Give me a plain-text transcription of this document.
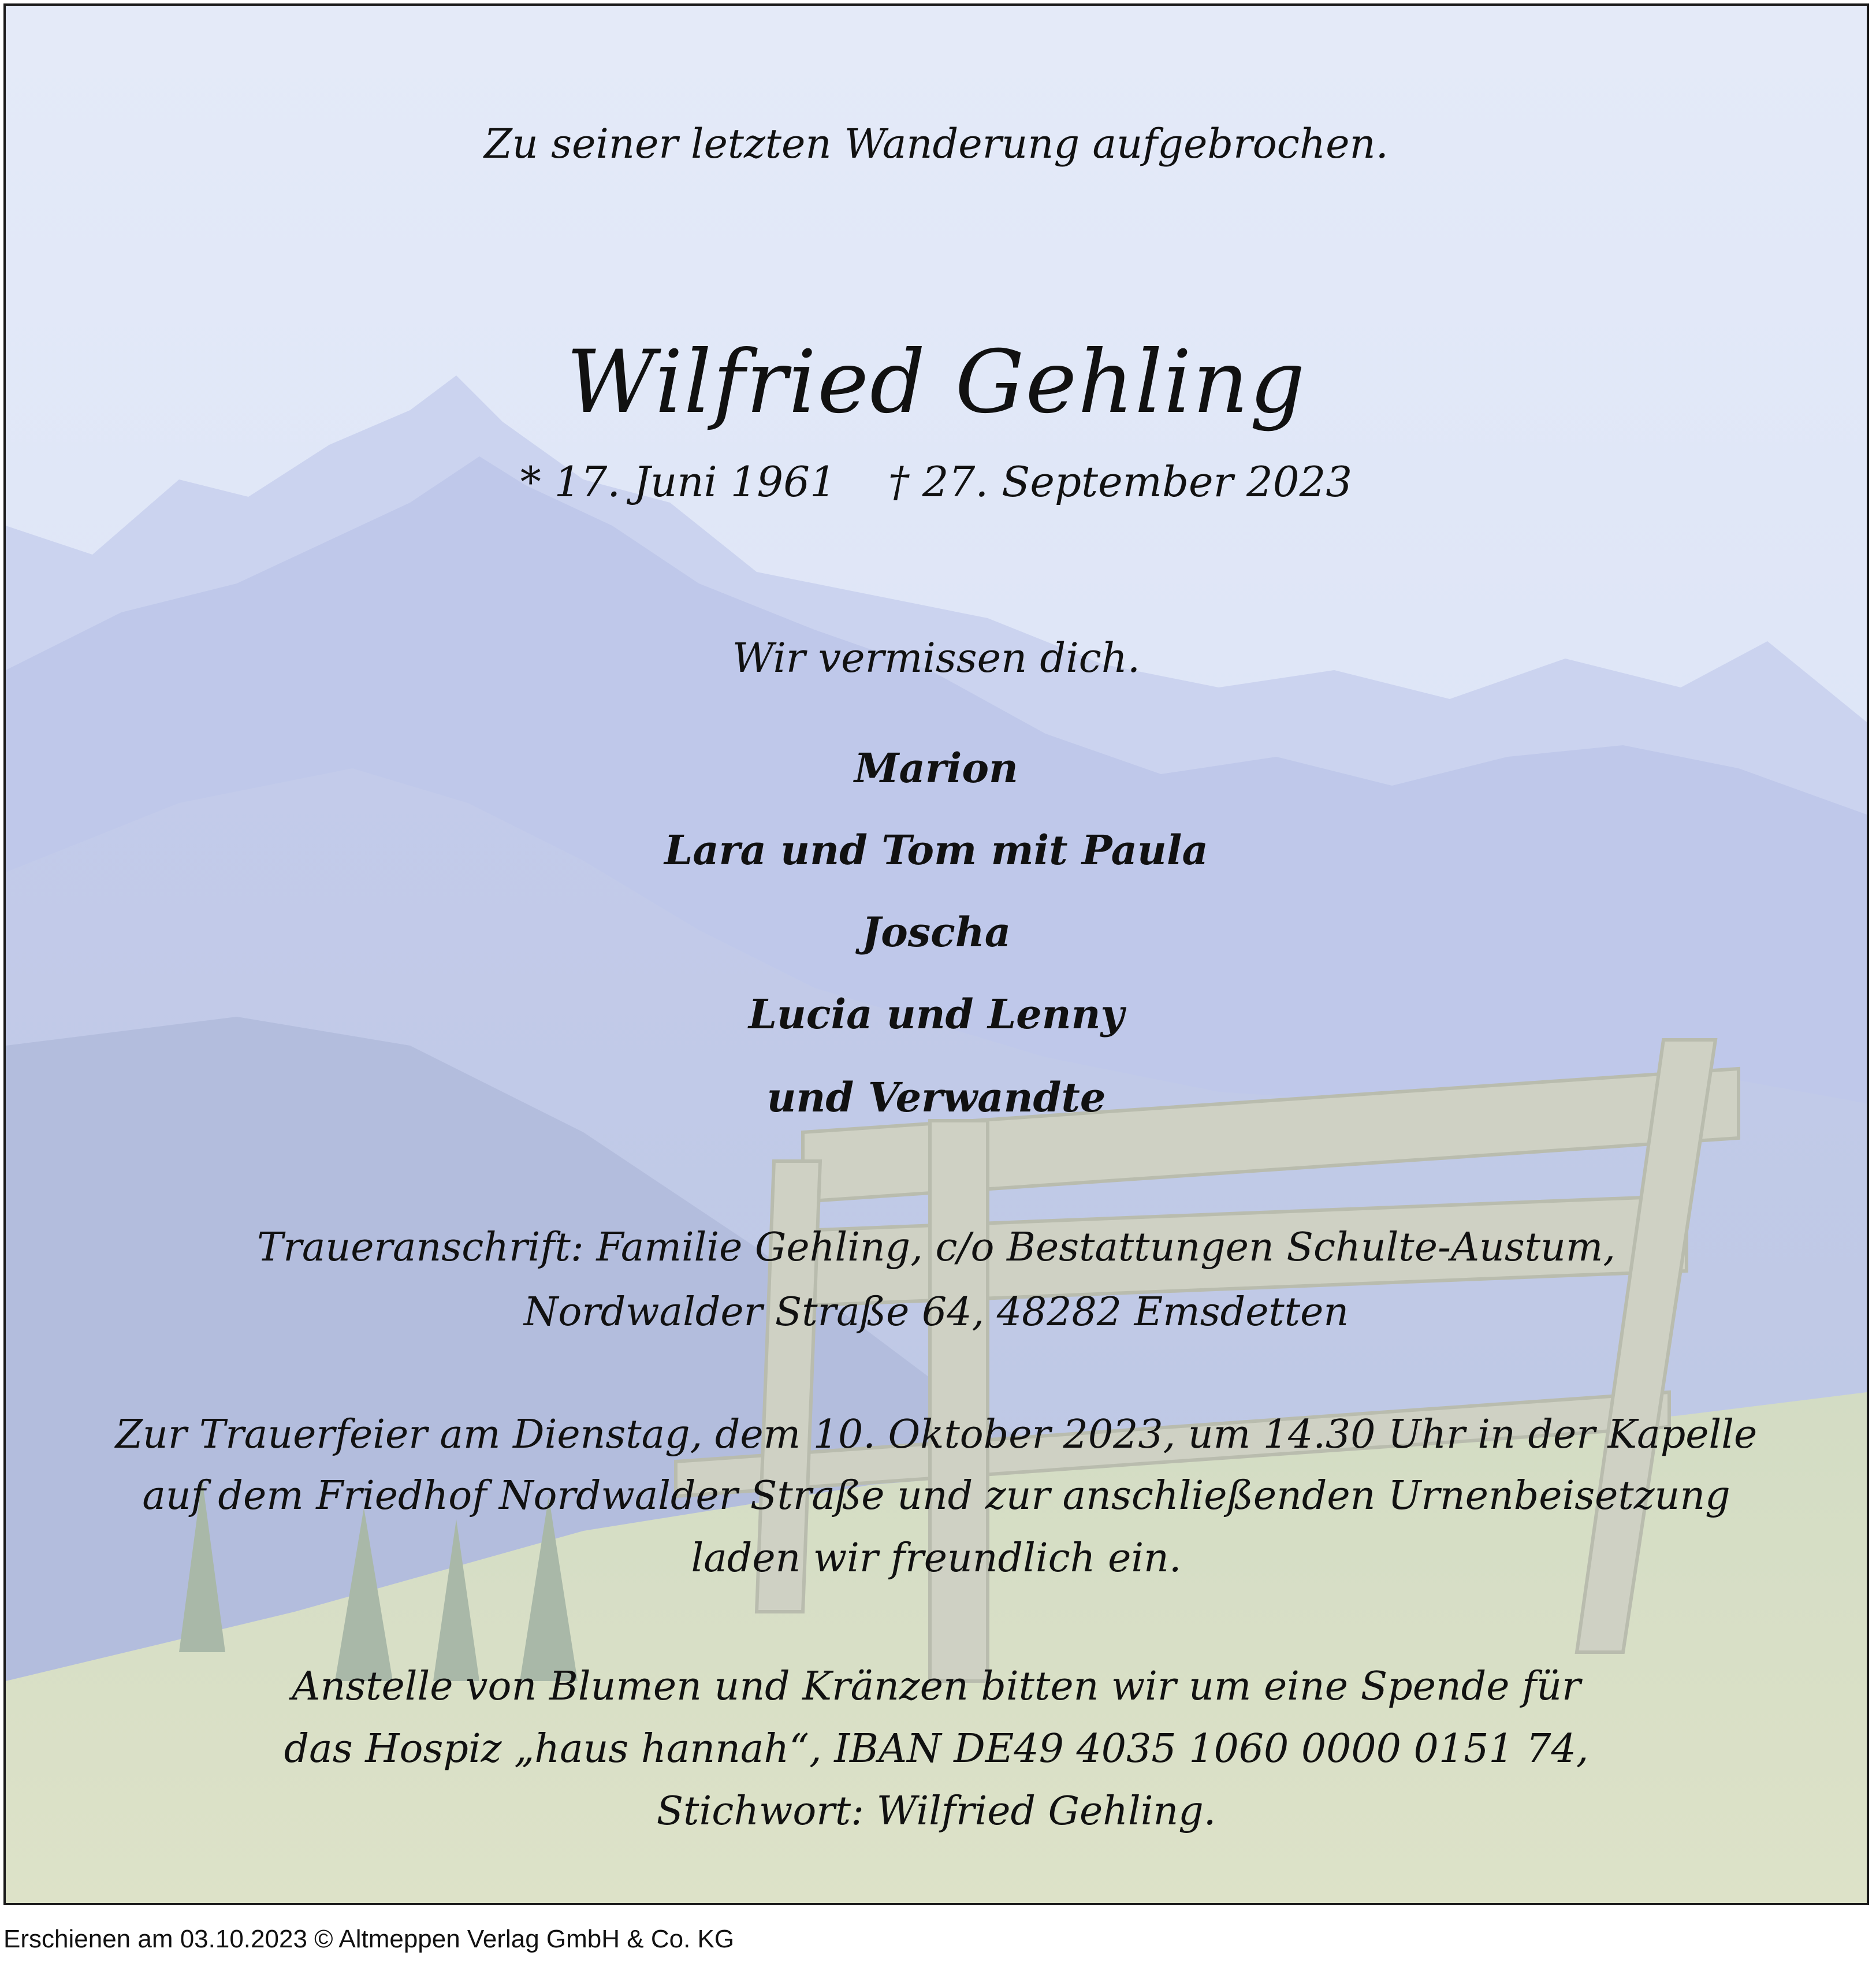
Zu seiner letzten Wanderung aufgebrochen.
Wilfried Gehling
* 17. Juni 1961 † 27. September 2023
Wir vermissen dich.
Marion
Lara und Tom mit Paula
Joscha
Lucia und Lenny
und Verwandte
Traueranschrift: Familie Gehling, c/o Bestattungen Schulte-Austum,
Nordwalder Straße 64, 48282 Emsdetten
Zur Trauerfeier am Dienstag, dem 10. Oktober 2023, um 14.30 Uhr in der Kapelle
auf dem Friedhof Nordwalder Straße und zur anschließenden Urnenbeisetzung
laden wir freundlich ein.
Anstelle von Blumen und Kränzen bitten wir um eine Spende für
das Hospiz „haus hannah“, IBAN DE49 4035 1060 0000 0151 74,
Stichwort: Wilfried Gehling.
Erschienen am 03.10.2023 © Altmeppen Verlag GmbH & Co. KG
